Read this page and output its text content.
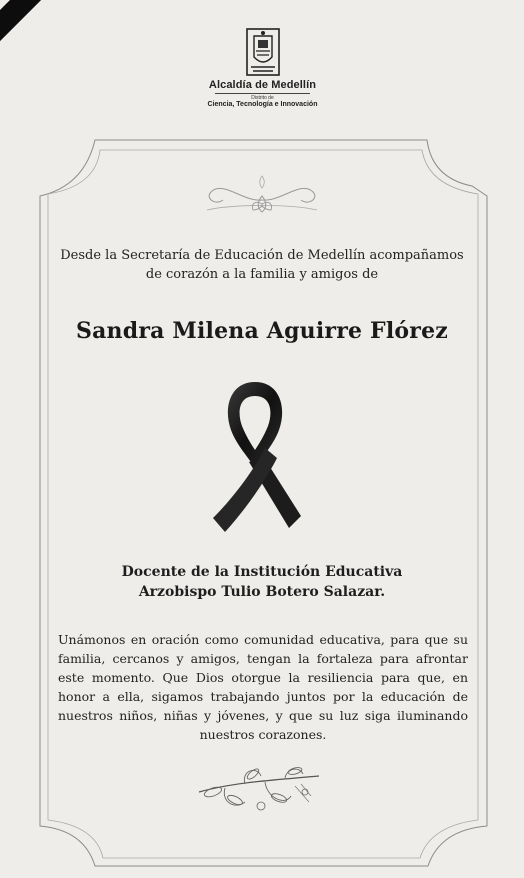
Alcaldía de Medellín
Distrito de
Ciencia, Tecnología e Innovación
Desde la Secretaría de Educación de Medellín acompañamos
de corazón a la familia y amigos de
Sandra Milena Aguirre Flórez
Docente de la Institución Educativa
Arzobispo Tulio Botero Salazar.
Unámonos en oración como comunidad educativa, para que su familia, cercanos y amigos, tengan la fortaleza para afrontar este momento. Que Dios otorgue la resiliencia para que, en honor a ella, sigamos trabajando juntos por la educación de nuestros niños, niñas y jóvenes, y que su luz siga iluminando nuestros corazones.
